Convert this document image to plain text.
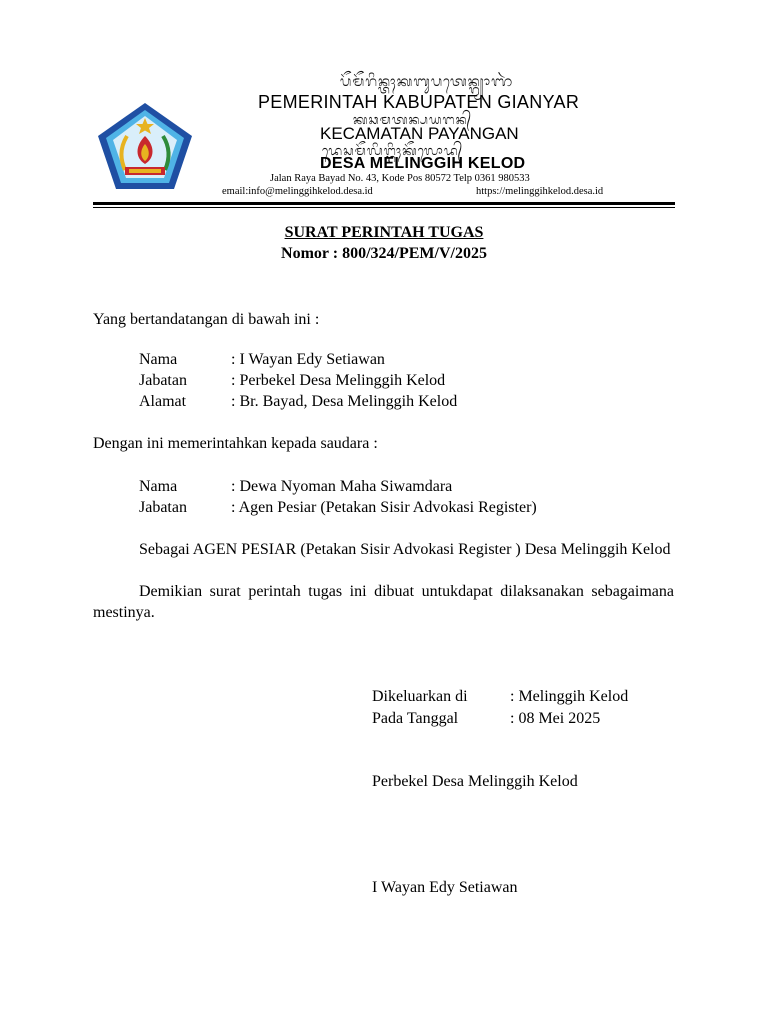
ᬧᭂᬫᭂᬭᬶᬦ᭄ᬢᬄᬓᬩᬸᬧᬢᬾᬦ᭄ᬕ᭄ᬬᬵᬜᬃ
PEMERINTAH KABUPATEN GIANYAR
ᬓᬘᬫᬢᬦ᭄ᬧᬬᬗᬦ᭄
KECAMATAN PAYANGAN
ᬤᬾᬲᬫᭂᬮᬶᬗ᭄ᬕᬶᬄᬓᭂᬮᭀᬤ᭄
DESA MELINGGIH KELOD
Jalan Raya Bayad No. 43, Kode Pos 80572 Telp 0361 980533
email:info@melinggihkelod.desa.id	https://melinggihkelod.desa.id
SURAT PERINTAH TUGAS
Nomor : 800/324/PEM/V/2025
Yang bertandatangan di bawah ini :
Nama	: I Wayan Edy Setiawan
Jabatan	: Perbekel Desa Melinggih Kelod
Alamat	: Br. Bayad, Desa Melinggih Kelod
Dengan ini memerintahkan kepada saudara :
Nama	: Dewa Nyoman Maha Siwamdara
Jabatan	: Agen Pesiar (Petakan Sisir Advokasi Register)
Sebagai AGEN PESIAR (Petakan Sisir Advokasi Register ) Desa Melinggih Kelod
Demikian surat perintah tugas ini dibuat untukdapat dilaksanakan sebagaimana mestinya.
Dikeluarkan di	: Melinggih Kelod
Pada Tanggal	: 08 Mei 2025
Perbekel Desa Melinggih Kelod
I Wayan Edy Setiawan
